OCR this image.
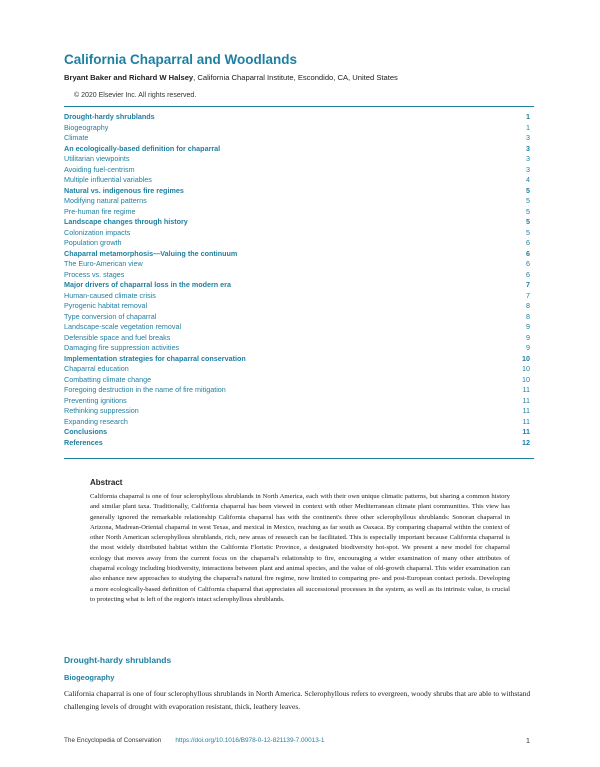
California Chaparral and Woodlands
Bryant Baker and Richard W Halsey, California Chaparral Institute, Escondido, CA, United States
© 2020 Elsevier Inc. All rights reserved.
Drought-hardy shrublands	1
Biogeography	1
Climate	3
An ecologically-based definition for chaparral	3
Utilitarian viewpoints	3
Avoiding fuel-centrism	3
Multiple influential variables	4
Natural vs. indigenous fire regimes	5
Modifying natural patterns	5
Pre-human fire regime	5
Landscape changes through history	5
Colonization impacts	5
Population growth	6
Chaparral metamorphosis—Valuing the continuum	6
The Euro-American view	6
Process vs. stages	6
Major drivers of chaparral loss in the modern era	7
Human-caused climate crisis	7
Pyrogenic habitat removal	8
Type conversion of chaparral	8
Landscape-scale vegetation removal	9
Defensible space and fuel breaks	9
Damaging fire suppression activities	9
Implementation strategies for chaparral conservation	10
Chaparral education	10
Combatting climate change	10
Foregoing destruction in the name of fire mitigation	11
Preventing ignitions	11
Rethinking suppression	11
Expanding research	11
Conclusions	11
References	12
Abstract

California chaparral is one of four sclerophyllous shrublands in North America, each with their own unique climatic patterns, but sharing a common history and similar plant taxa. Traditionally, California chaparral has been viewed in context with other Mediterranean climate plant communities. This view has generally ignored the remarkable relationship California chaparral has with the continent's three other sclerophyllous shrublands: Sonoran chaparral in Arizona, Madrean-Oriental chaparral in west Texas, and mexical in Mexico, reaching as far south as Oaxaca. By comparing chaparral within the context of other North American sclerophyllous shrublands, rich, new areas of research can be facilitated. This is especially important because California chaparral is the most widely distributed habitat within the California Floristic Province, a designated biodiversity hot-spot. We present a new model for chaparral ecology that moves away from the current focus on the chaparral's relationship to fire, encouraging a wider examination of many other attributes of chaparral ecology including biodiversity, interactions between plant and animal species, and the value of old-growth chaparral. This wider examination can also enhance new approaches to studying the chaparral's natural fire regime, now limited to comparing pre- and post-European contact periods. Developing a more ecologically-based definition of California chaparral that appreciates all successional processes in the system, as well as its intrinsic value, is crucial to protecting what is left of the region's intact sclerophyllous shrublands.

Drought-hardy shrublands
Biogeography

California chaparral is one of four sclerophyllous shrublands in North America. Sclerophyllous refers to evergreen, woody shrubs that are able to withstand challenging levels of drought with evaporation resistant, thick, leathery leaves.

The Encyclopedia of Conservation https://doi.org/10.1016/B978-0-12-821139-7.00013-1	1
